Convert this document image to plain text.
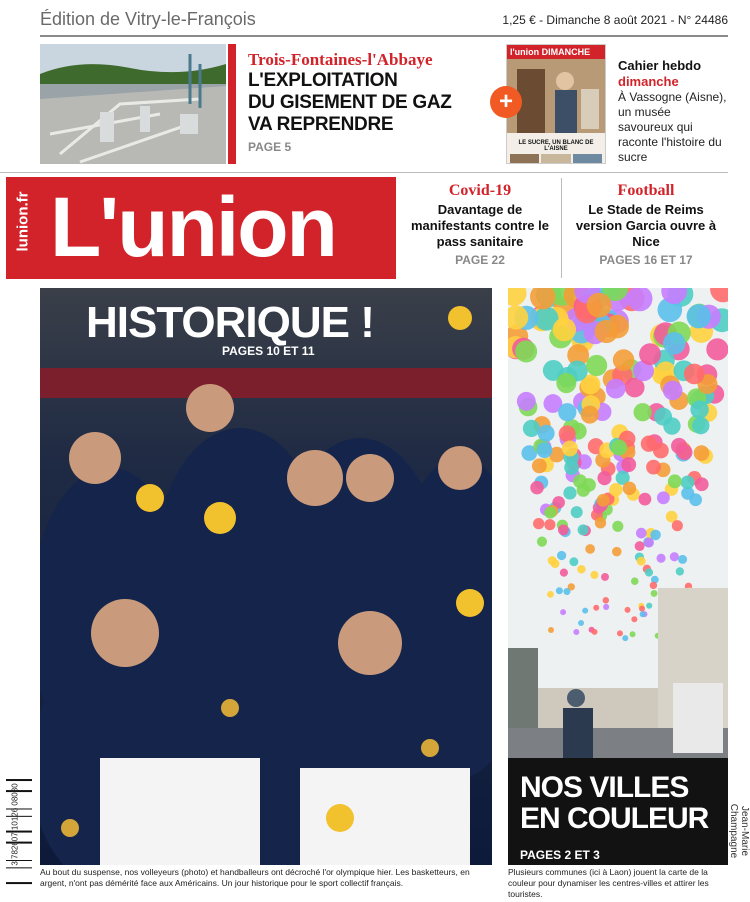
Édition de Vitry-le-François	1,25 € - Dimanche 8 août 2021 - N° 24486
Trois-Fontaines-l'Abbaye
L'EXPLOITATION
DU GISEMENT DE GAZ
VA REPRENDRE
PAGE 5
l'union DIMANCHE
LE SUCRE, UN BLANC DE L'AISNE
+
Cahier hebdo
dimanche
À Vassogne (Aisne), un musée savoureux qui raconte l'histoire du sucre
lunion.fr L'union	Covid-19
Davantage de manifestants contre le pass sanitaire
PAGE 22
Football
Le Stade de Reims version Garcia ouvre à Nice
PAGES 16 ET 17
HISTORIQUE !
PAGES 10 ET 11
NOS VILLES
EN COULEUR
PAGES 2 ET 3	Jean-Marie Champagne
Au bout du suspense, nos volleyeurs (photo) et handballeurs ont décroché l'or olympique hier. Les basketteurs, en argent, n'ont pas démérité face aux Américains. Un jour historique pour le sport collectif français.
Plusieurs communes (ici à Laon) jouent la carte de la couleur pour dynamiser les centres-villes et attirer les touristes.
3 782607 10126 08080
